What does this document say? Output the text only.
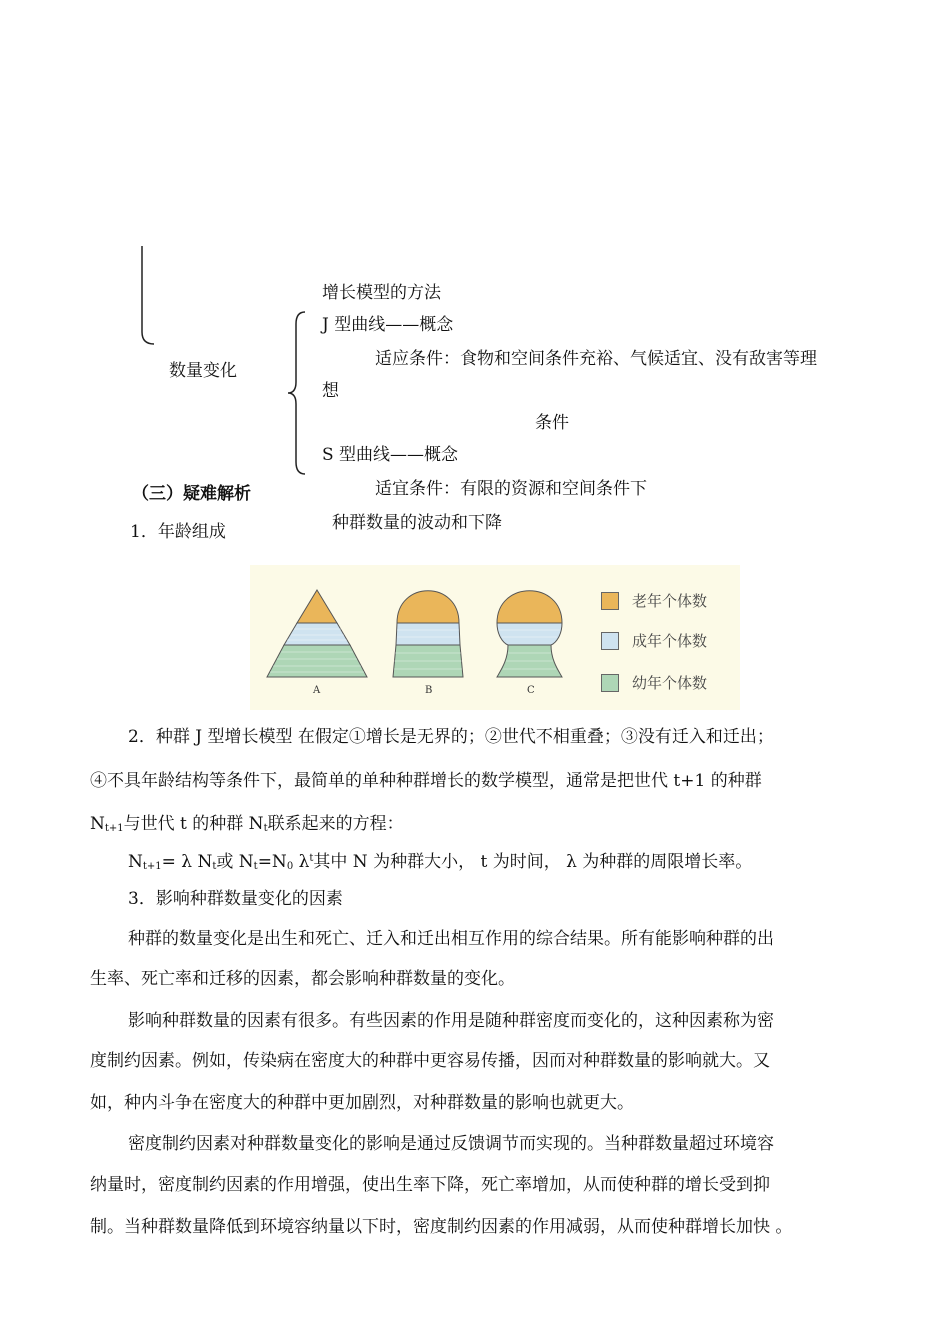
数量变化
增长模型的方法
J 型曲线——概念
适应条件：食物和空间条件充裕、气候适宜、没有敌害等理
想
条件
S 型曲线——概念
适宜条件：有限的资源和空间条件下
种群数量的波动和下降
（三）疑难解析
1．年龄组成
A	B	C
老年个体数
成年个体数
幼年个体数
2．种群 J 型增长模型 在假定①增长是无界的；②世代不相重叠；③没有迁入和迁出；
④不具年龄结构等条件下，最简单的单种种群增长的数学模型，通常是把世代 t+1 的种群
$N_{t+1}$与世代 t 的种群 $N_t$联系起来的方程：
$N_{t+1}= \lambda$ $N_t$或 $N_t=N_0$ $\lambda^t$其中 N 为种群大小， t 为时间， λ 为种群的周限增长率。
3．影响种群数量变化的因素
种群的数量变化是出生和死亡、迁入和迁出相互作用的综合结果。所有能影响种群的出
生率、死亡率和迁移的因素，都会影响种群数量的变化。
影响种群数量的因素有很多。有些因素的作用是随种群密度而变化的，这种因素称为密
度制约因素。例如，传染病在密度大的种群中更容易传播，因而对种群数量的影响就大。又
如，种内斗争在密度大的种群中更加剧烈，对种群数量的影响也就更大。
密度制约因素对种群数量变化的影响是通过反馈调节而实现的。当种群数量超过环境容
纳量时，密度制约因素的作用增强，使出生率下降，死亡率增加，从而使种群的增长受到抑
制。当种群数量降低到环境容纳量以下时，密度制约因素的作用减弱，从而使种群增长加快 。
